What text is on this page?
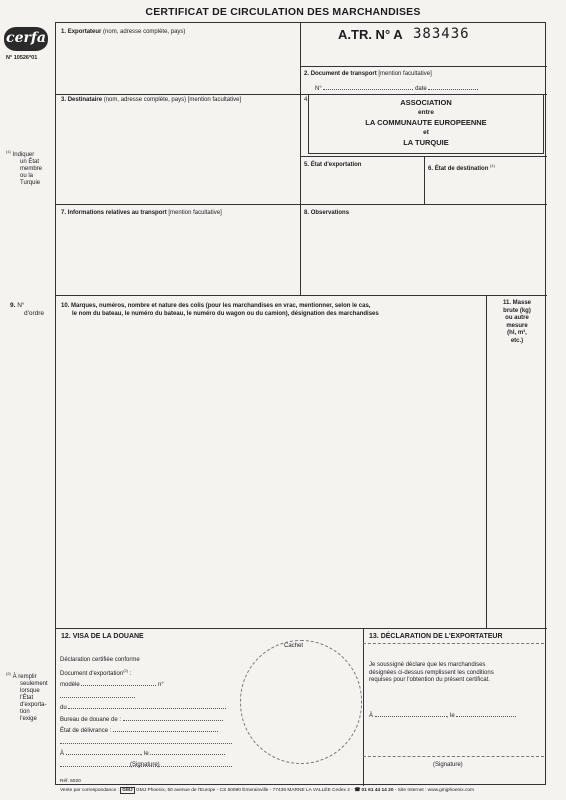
CERTIFICAT DE CIRCULATION DES MARCHANDISES
cerfa
N° 10526*01
1. Exportateur (nom, adresse complète, pays)	A.TR. N° A 383436
2. Document de transport [mention facultative]
N°	date
3. Destinataire (nom, adresse complète, pays) [mention facultative]	4.	ASSOCIATION
entre
LA COMMUNAUTE EUROPEENNE
et
LA TURQUIE
5. État d'exportation
6. État de destination $^{(1)}$
$^{(1)}$ Indiquer
un État
membre
ou la
Turquie
7. Informations relatives au transport [mention facultative]	8. Observations
9. N°
d'ordre
10. Marques, numéros, nombre et nature des colis (pour les marchandises en vrac, mentionner, selon le cas,
le nom du bateau, le numéro du bateau, le numéro du wagon ou du camion), désignation des marchandises
11. Masse
brute (kg)
ou autre
mesure
(hl, m³,
etc.)
$^{(2)}$ À remplir
seulement
lorsque
l'État
d'exporta-
tion
l'exige
12. VISA DE LA DOUANE
Cachet
Déclaration certifiée conforme
Document d'exportation$^{(2)}$ :
modèle	n°
du
Bureau de douane de :
État de délivrance :
À	, le
(Signature)
13. DÉCLARATION DE L'EXPORTATEUR
Je soussigné déclare que les marchandises
désignées ci-dessus remplissent les conditions
requises pour l'obtention du présent certificat.
À	, le
(Signature)
Réf. 5020
Vente par correspondance : GMJ GMJ Phoenix, 50 avenue de l'Europe - CS 50690 Émerainville - 77436 MARNE LA VALLÉE Cedex 2 - ☎ 01 61 44 14 20 - Site Internet : www.gmjphoenix.com
